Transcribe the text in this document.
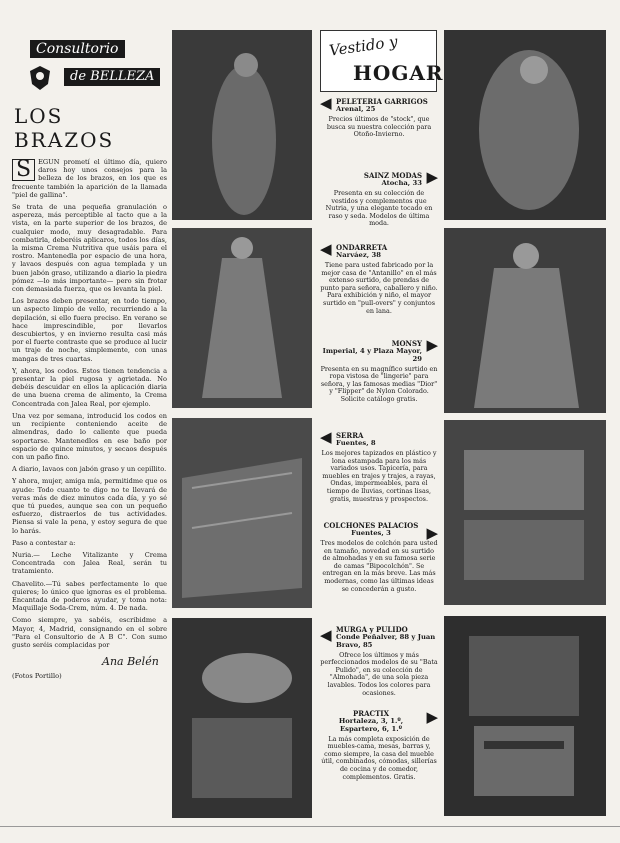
Consultorio
de BELLEZA
LOS BRAZOS

S	EGUN prometí el último día, quiero daros hoy unos consejos para la belleza de los brazos, en los que es frecuente también la aparición de la llamada "piel de gallina".

Se trata de una pequeña granulación o aspereza, más perceptible al tacto que a la vista, en la parte superior de los brazos, de cualquier modo, muy desagradable. Para combatirla, deberéis aplicaros, todos los días, la misma Crema Nutritiva que usáis para el rostro. Mantenedla por espacio de una hora, y lavaos después con agua templada y un buen jabón graso, utilizando a diario la piedra pómez —lo más importante— pero sin frotar con demasiada fuerza, que os levanta la piel.

Los brazos deben presentar, en todo tiempo, un aspecto limpio de vello, recurriendo a la depilación, si ello fuera preciso. En verano se hace imprescindible, por llevarlos descubiertos, y en invierno resulta casi más por el fuerte contraste que se produce al lucir un traje de noche, simplemente, con unas mangas de tres cuartas.

Y, ahora, los codos. Estos tienen tendencia a presentar la piel rugosa y agrietada. No debéis descuidar en ellos la aplicación diaria de una buena crema de alimento, la Crema Concentrada con Jalea Real, por ejemplo.

Una vez por semana, introducid los codos en un recipiente conteniendo aceite de almendras, dado lo caliente que pueda soportarse. Mantenedlos en ese baño por espacio de quince minutos, y secaos después con un paño fino.

A diario, lavaos con jabón graso y un cepillito.

Y ahora, mujer, amiga mía, permitidme que os ayude: Todo cuanto te digo no te llevará de veras más de diez minutos cada día, y yo sé que tú puedes, aunque sea con un pequeño esfuerzo, distraerlos de tus actividades. Piensa si vale la pena, y estoy segura de que lo harás.

Paso a contestar a:

Nuria.— Leche Vitalizante y Crema Concentrada con Jalea Real, serán tu tratamiento.

Chavelito.—Tú sabes perfectamente lo que quieres; lo único que ignoras es el problema. Encantada de poderos ayudar, y toma nota: Maquillaje Soda-Crem, núm. 4. De nada.

Como siempre, ya sabéis, escribidme a Mayor, 4, Madrid, consignando en el sobre "Para el Consultorio de A B C". Con sumo gusto seréis complacidas por

Ana Belén
(Fotos Portillo)
Vestido y
HOGAR
◀ PELETERIA GARRIGOS
Arenal, 25

Precios últimos de "stock", que busca su nuestra colección para Otoño-Invierno.

▶
SAINZ MODAS
Atocha, 33

Presenta en su colección de vestidos y complementos que Nutria, y una elegante tocado en raso y seda. Modelos de última moda.

◀ ONDARRETA
Narváez, 38

Tiene para usted fabricado por la mejor casa de "Antanillo" en el más extenso surtido, de prendas de punto para señora, caballero y niño. Para exhibición y niño, el mayor surtido en "pull-overs" y conjuntos en lana.

▶
MONSY
Imperial, 4 y Plaza Mayor, 29

Presenta en su magnífico surtido en ropa vistosa de "lingerie" para señora, y las famosas medias "Dior" y "Flipper" de Nylon Colorado. Solicite catálogo gratis.

◀ SERRA
Fuentes, 8

Los mejores tapizados en plástico y lona estampada para los más variados usos. Tapicería, para muebles en trajes y trajes, a rayas, Ondas, impermeables, para el tiempo de lluvias, cortinas lisas, gratis, muestras y prospectos.

▶
COLCHONES PALACIOS
Fuentes, 3

Tres modelos de colchón para usted en tamaño, novedad en su surtido de almohadas y en su famosa serie de camas "Bipocolchón". Se entregan en la más breve. Las más modernas, como las últimas ideas se concederán a gusto.

◀ MURGA y PULIDO
Conde Peñalver, 88 y Juan Bravo, 85

Ofrece los últimos y más perfeccionados modelos de su "Bata Pulido", en su colección de "Almohada", de una sola pieza lavables. Todos los colores para ocasiones.

▶
PRACTIX
Hortaleza, 3, 1.º, Espartero, 6, 1.º

La más completa exposición de muebles-cama, mesas, barras y, como siempre, la casa del mueble útil, combinados, cómodas, sillerías de cocina y de comedor, complementos. Gratis.
